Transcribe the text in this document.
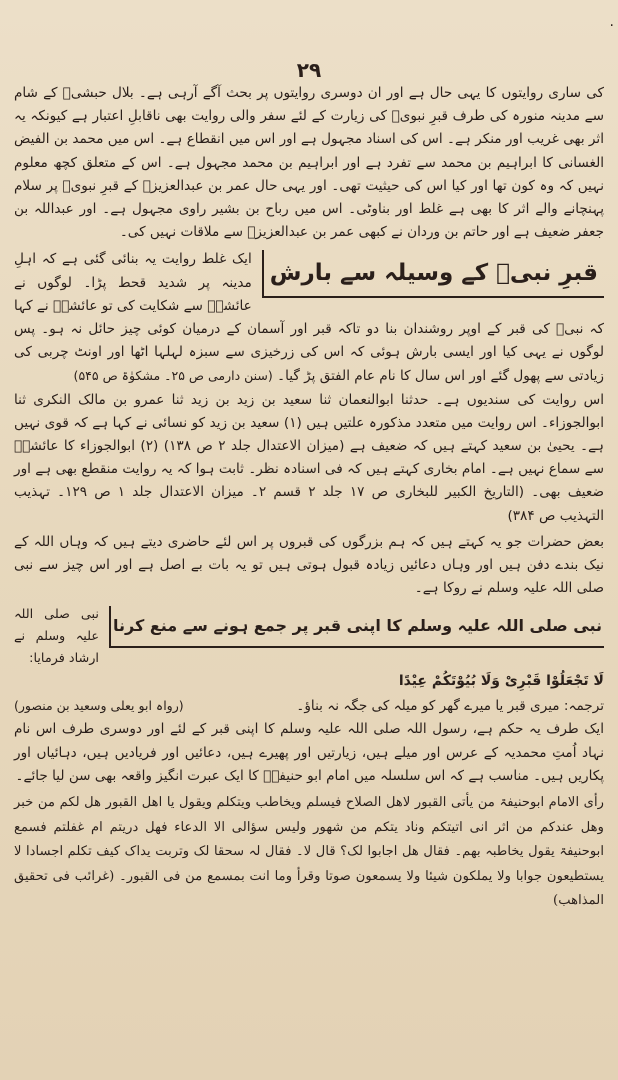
.
۲۹

کی ساری روایتوں کا یہی حال ہے اور ان دوسری روایتوں پر بحث آگے آرہی ہے۔ بلال حبشیؓ کے شام سے مدینہ منورہ کی طرف قبرِ نبویؐ کی زیارت کے لئے سفر والی روایت بھی ناقابلِ اعتبار ہے کیونکہ یہ اثر بھی غریب اور منکر ہے۔ اس کی اسناد مجہول ہے اور اس میں انقطاع ہے۔ اس میں محمد بن الفیض الغسانی کا ابراہیم بن محمد سے تفرد ہے اور ابراہیم بن محمد مجہول ہے۔ اس کے متعلق کچھ معلوم نہیں کہ وہ کون تھا اور کیا اس کی حیثیت تھی۔ اور یہی حال عمر بن عبدالعزیزؒ کے قبرِ نبویؐ پر سلام پہنچانے والے اثر کا بھی ہے غلط اور بناوٹی۔ اس میں رباح بن بشیر راوی مجہول ہے۔ اور عبداللہ بن جعفر ضعیف ہے اور حاتم بن وردان نے کبھی عمر بن عبدالعزیزؒ سے ملاقات نہیں کی۔

قبرِ نبیؐ کے وسیلہ سے بارش

ایک غلط روایت یہ بنائی گئی ہے کہ اہلِ مدینہ پر شدید قحط پڑا۔ لوگوں نے عائشہؓ سے شکایت کی تو عائشہؓ نے کہا کہ نبیؐ کی قبر کے اوپر روشندان بنا دو تاکہ قبر اور آسمان کے درمیان کوئی چیز حائل نہ ہو۔ پس لوگوں نے یہی کیا اور ایسی بارش ہوئی کہ اس کی زرخیزی سے سبزہ لہلہا اٹھا اور اونٹ چربی کی زیادتی سے پھول گئے اور اس سال کا نام عام الفتق پڑ گیا۔ (سنن دارمی ص ۲۵۔ مشکوٰۃ ص ۵۴۵)

اس روایت کی سندیوں ہے۔ حدثنا ابوالنعمان ثنا سعید بن زید بن زید ثنا عمرو بن مالک النکری ثنا ابوالجوزاء۔ اس روایت میں متعدد مذکورہ علتیں ہیں (۱) سعید بن زید کو نسائی نے کہا ہے کہ قوی نہیں ہے۔ یحییٰ بن سعید کہتے ہیں کہ ضعیف ہے (میزان الاعتدال جلد ۲ ص ۱۳۸) (۲) ابوالجوزاء کا عائشہؓ سے سماع نہیں ہے۔ امام بخاری کہتے ہیں کہ فی اسنادہ نظر۔ ثابت ہوا کہ یہ روایت منقطع بھی ہے اور ضعیف بھی۔ (التاریخ الکبیر للبخاری ص ۱۷ جلد ۲ قسم ۲۔ میزان الاعتدال جلد ۱ ص ۱۲۹۔ تہذیب التہذیب ص ۳۸۴)

بعض حضرات جو یہ کہتے ہیں کہ ہم بزرگوں کی قبروں پر اس لئے حاضری دیتے ہیں کہ وہاں اللہ کے نیک بندے دفن ہیں اور وہاں دعائیں زیادہ قبول ہوتی ہیں تو یہ بات بے اصل ہے اور اس چیز سے نبی صلی اللہ علیہ وسلم نے روکا ہے۔

نبی صلی اللہ علیہ وسلم کا اپنی قبر پر جمع ہونے سے منع کرنا

نبی صلی اللہ علیہ وسلم نے ارشاد فرمایا:
لَا تَجْعَلُوْا قَبْرِیْ وَلَا بُیُوْتَکُمْ عِیْدًا

ترجمہ: میری قبر یا میرے گھر کو میلہ کی جگہ نہ بناؤ۔
(رواہ ابو یعلی وسعید بن منصور)

ایک طرف یہ حکم ہے، رسول اللہ صلی اللہ علیہ وسلم کا اپنی قبر کے لئے اور دوسری طرف اس نام نہاد اُمتِ محمدیہ کے عرس اور میلے ہیں، زیارتیں اور پھیرے ہیں، دعائیں اور فریادیں ہیں، دہائیاں اور پکاریں ہیں۔ مناسب ہے کہ اس سلسلہ میں امام ابو حنیفہؒ کا ایک عبرت انگیز واقعہ بھی سن لیا جائے۔

رأی الامام ابوحنیفۃ من یأتی القبور لاھل الصلاح فیسلم ویخاطب ویتکلم ویقول یا اھل القبور ھل لکم من خبر وھل عندکم من اثر انی اتیتکم وناد یتکم من شھور ولیس سؤالی الا الدعاء فھل دریتم ام غفلتم فسمع ابوحنیفۃ یقول یخاطبہ بھم۔ فقال ھل اجابوا لک؟ قال لا۔ فقال لہ سحقا لک وتربت یداک کیف تکلم اجسادا لا یستطیعون جوابا ولا یملکون شیئا ولا یسمعون صوتا وقرأ وما انت بمسمع من فی القبور۔ (غرائب فی تحقیق المذاھب)
